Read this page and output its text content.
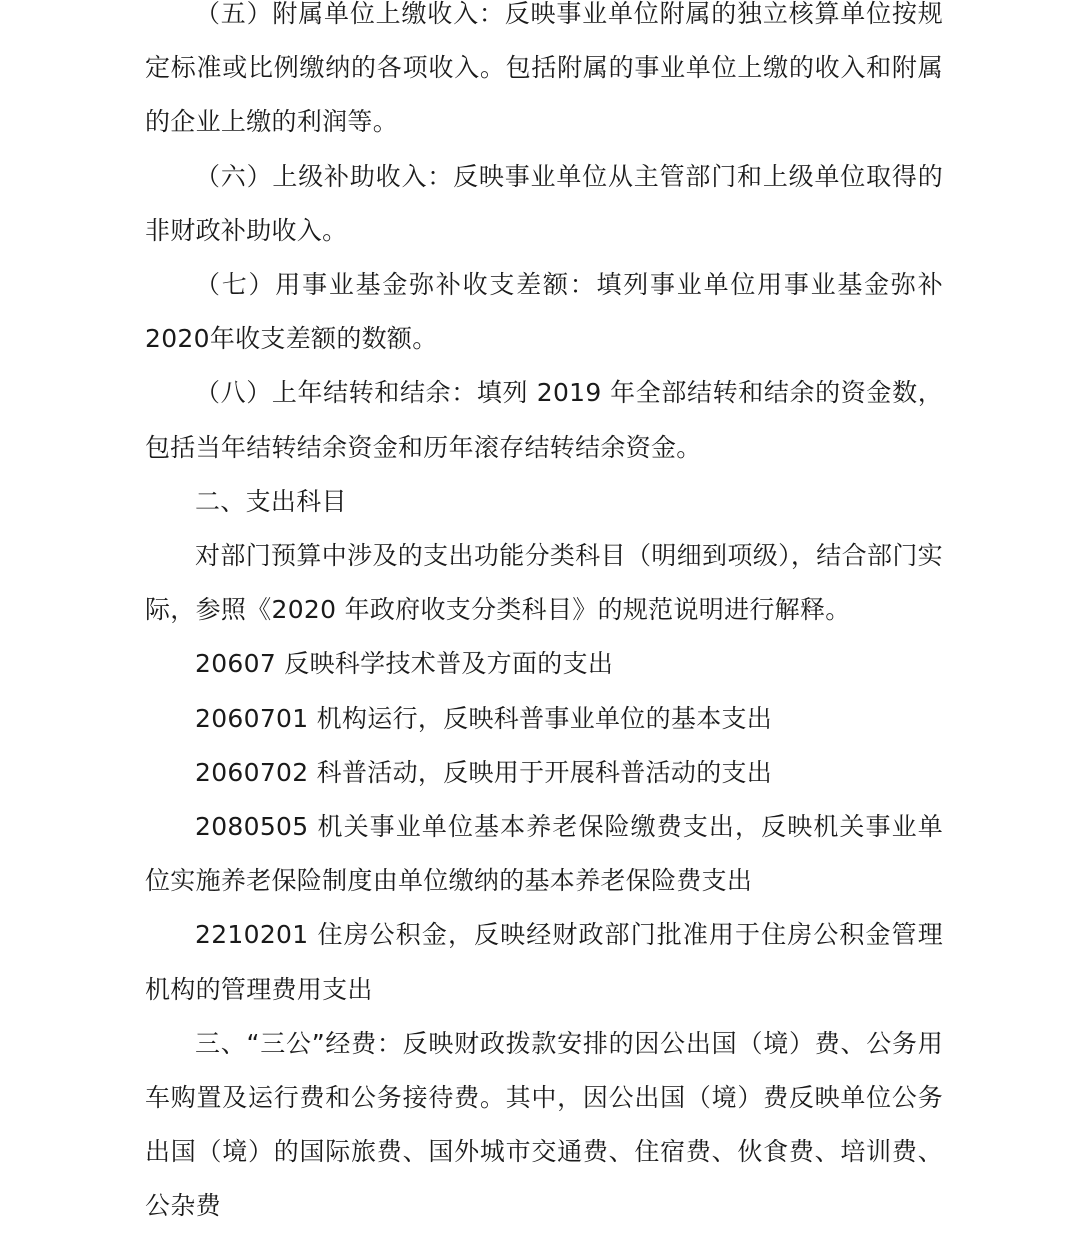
（五）附属单位上缴收入：反映事业单位附属的独立核算单位按规定标准或比例缴纳的各项收入。包括附属的事业单位上缴的收入和附属的企业上缴的利润等。

（六）上级补助收入：反映事业单位从主管部门和上级单位取得的非财政补助收入。

（七）用事业基金弥补收支差额：填列事业单位用事业基金弥补 2020年收支差额的数额。

（八）上年结转和结余：填列 2019 年全部结转和结余的资金数，包括当年结转结余资金和历年滚存结转结余资金。

二、支出科目

对部门预算中涉及的支出功能分类科目（明细到项级），结合部门实际，参照《2020 年政府收支分类科目》的规范说明进行解释。

20607 反映科学技术普及方面的支出

2060701 机构运行，反映科普事业单位的基本支出

2060702 科普活动，反映用于开展科普活动的支出

2080505 机关事业单位基本养老保险缴费支出，反映机关事业单位实施养老保险制度由单位缴纳的基本养老保险费支出

2210201 住房公积金，反映经财政部门批准用于住房公积金管理机构的管理费用支出

三、“三公”经费：反映财政拨款安排的因公出国（境）费、公务用车购置及运行费和公务接待费。其中，因公出国（境）费反映单位公务出国（境）的国际旅费、国外城市交通费、住宿费、伙食费、培训费、公杂费
